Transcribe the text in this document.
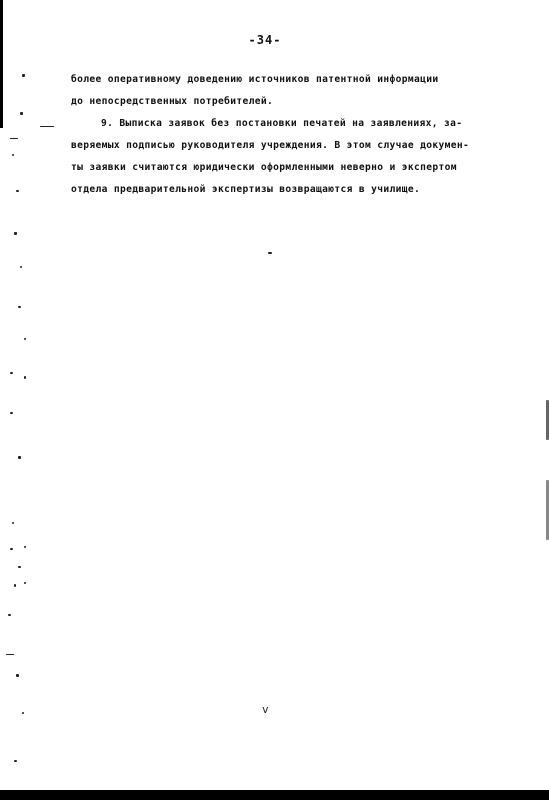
-34-
более оперативному доведению источников патентной информации
до непосредственных потребителей.
9. Выписка заявок без постановки печатей на заявлениях, за-
веряемых подписью руководителя учреждения. В этом случае докумен-
ты заявки считаются юридически оформленными неверно и экспертом
отдела предварительной экспертизы возвращаются в училище.
v
